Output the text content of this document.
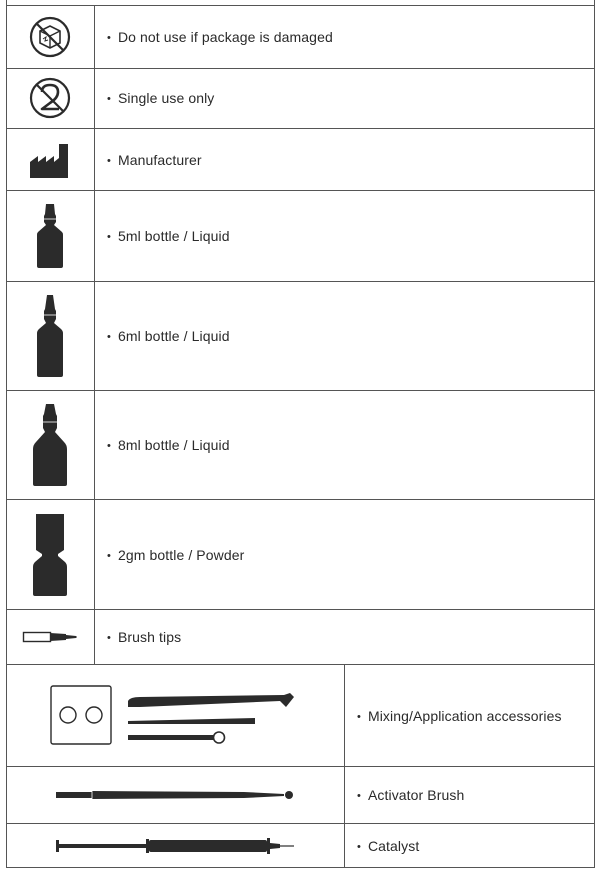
• Do not use if package is damaged
• Single use only
• Manufacturer
• 5ml bottle / Liquid
• 6ml bottle / Liquid
• 8ml bottle / Liquid
• 2gm bottle / Powder
• Brush tips
• Mixing/Application accessories
• Activator Brush
• Catalyst
